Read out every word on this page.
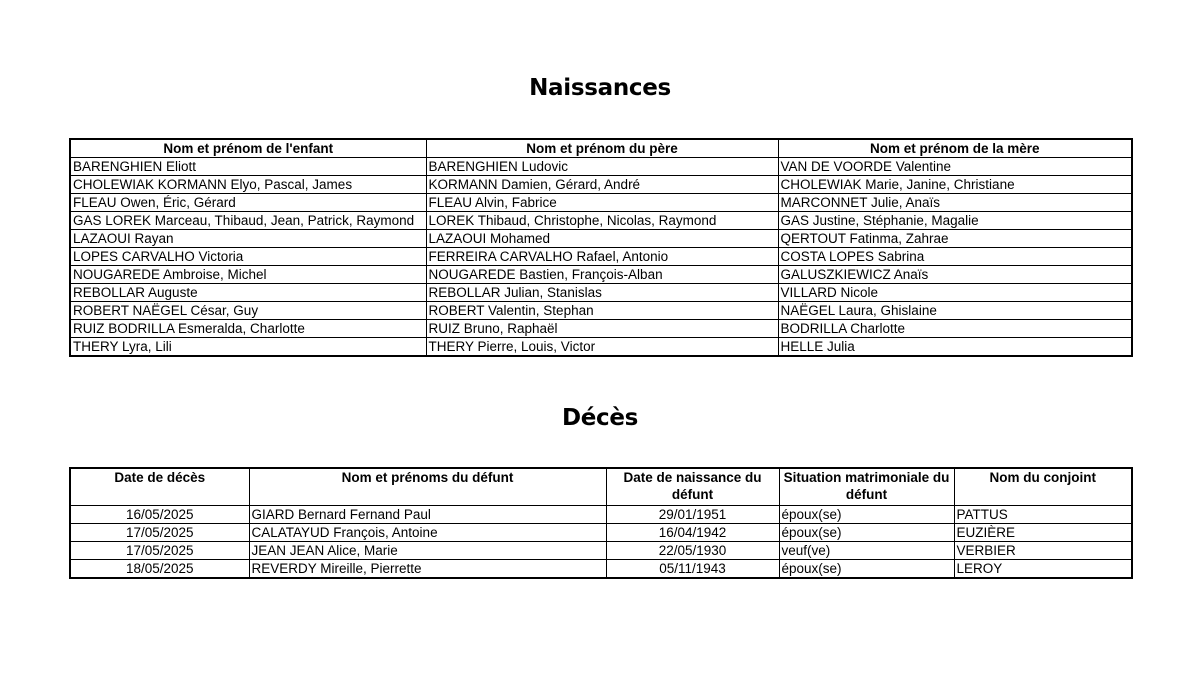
Naissances
Nom et prénom de l'enfant	Nom et prénom du père	Nom et prénom de la mère
BARENGHIEN Eliott	BARENGHIEN Ludovic	VAN DE VOORDE Valentine
CHOLEWIAK KORMANN Elyo, Pascal, James	KORMANN Damien, Gérard, André	CHOLEWIAK Marie, Janine, Christiane
FLEAU Owen, Éric, Gérard	FLEAU Alvin, Fabrice	MARCONNET Julie, Anaïs
GAS LOREK Marceau, Thibaud, Jean, Patrick, Raymond	LOREK Thibaud, Christophe, Nicolas, Raymond	GAS Justine, Stéphanie, Magalie
LAZAOUI Rayan	LAZAOUI Mohamed	QERTOUT Fatinma, Zahrae
LOPES CARVALHO Victoria	FERREIRA CARVALHO Rafael, Antonio	COSTA LOPES Sabrina
NOUGAREDE Ambroise, Michel	NOUGAREDE Bastien, François-Alban	GALUSZKIEWICZ Anaïs
REBOLLAR Auguste	REBOLLAR Julian, Stanislas	VILLARD Nicole
ROBERT NAËGEL César, Guy	ROBERT Valentin, Stephan	NAËGEL Laura, Ghislaine
RUIZ BODRILLA Esmeralda, Charlotte	RUIZ Bruno, Raphaël	BODRILLA Charlotte
THERY Lyra, Lili	THERY Pierre, Louis, Victor	HELLE Julia
Décès
Date de décès	Nom et prénoms du défunt	Date de naissance du défunt	Situation matrimoniale du défunt	Nom du conjoint
16/05/2025	GIARD Bernard Fernand Paul	29/01/1951	époux(se)	PATTUS
17/05/2025	CALATAYUD François, Antoine	16/04/1942	époux(se)	EUZIÈRE
17/05/2025	JEAN JEAN Alice, Marie	22/05/1930	veuf(ve)	VERBIER
18/05/2025	REVERDY Mireille, Pierrette	05/11/1943	époux(se)	LEROY
